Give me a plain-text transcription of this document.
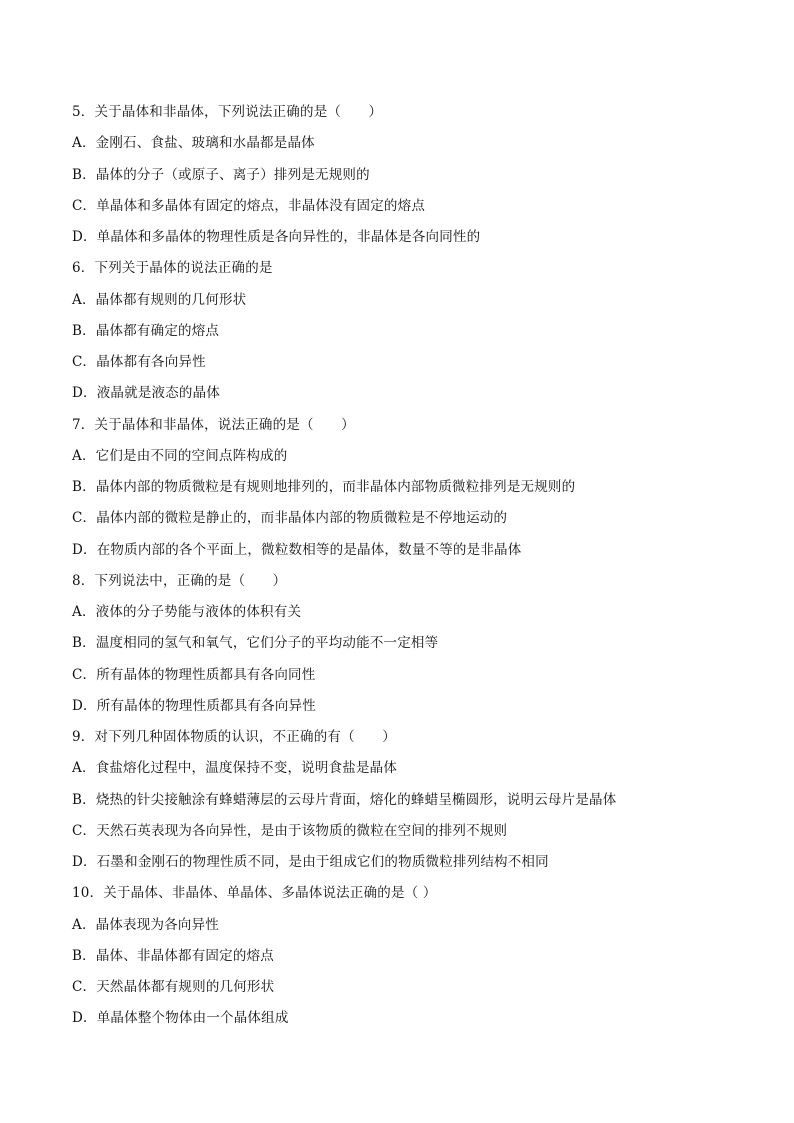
5．关于晶体和非晶体，下列说法正确的是（　　）
A．金刚石、食盐、玻璃和水晶都是晶体
B．晶体的分子（或原子、离子）排列是无规则的
C．单晶体和多晶体有固定的熔点，非晶体没有固定的熔点
D．单晶体和多晶体的物理性质是各向异性的，非晶体是各向同性的
6．下列关于晶体的说法正确的是
A．晶体都有规则的几何形状
B．晶体都有确定的熔点
C．晶体都有各向异性
D．液晶就是液态的晶体
7．关于晶体和非晶体，说法正确的是（　　）
A．它们是由不同的空间点阵构成的
B．晶体内部的物质微粒是有规则地排列的，而非晶体内部物质微粒排列是无规则的
C．晶体内部的微粒是静止的，而非晶体内部的物质微粒是不停地运动的
D．在物质内部的各个平面上，微粒数相等的是晶体，数量不等的是非晶体
8．下列说法中，正确的是（　　）
A．液体的分子势能与液体的体积有关
B．温度相同的氢气和氧气，它们分子的平均动能不一定相等
C．所有晶体的物理性质都具有各向同性
D．所有晶体的物理性质都具有各向异性
9．对下列几种固体物质的认识，不正确的有（　　）
A．食盐熔化过程中，温度保持不变，说明食盐是晶体
B．烧热的针尖接触涂有蜂蜡薄层的云母片背面，熔化的蜂蜡呈椭圆形，说明云母片是晶体
C．天然石英表现为各向异性，是由于该物质的微粒在空间的排列不规则
D．石墨和金刚石的物理性质不同，是由于组成它们的物质微粒排列结构不相同
10．关于晶体、非晶体、单晶体、多晶体说法正确的是（ ）
A．晶体表现为各向异性
B．晶体、非晶体都有固定的熔点
C．天然晶体都有规则的几何形状
D．单晶体整个物体由一个晶体组成
